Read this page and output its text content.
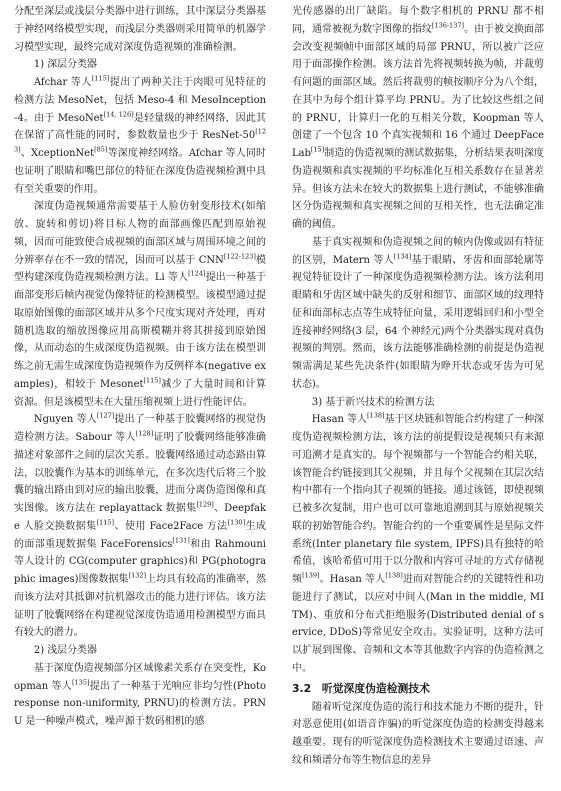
分配至深层或浅层分类器中进行训练，其中深层分类器基于神经网络模型实现，而浅层分类器则采用简单的机器学习模型实现，最终完成对深度伪造视频的准确检测。

1) 深层分类器

Afchar 等人[115]提出了两种关注于肉眼可见特征的检测方法 MesoNet，包括 Meso-4 和 MesoInception-4。由于 MesoNet[14, 126]是轻量级的神经网络，因此其在保留了高性能的同时，参数数量也少于 ResNet-50[123]、XceptionNet[85]等深度神经网络。Afchar 等人同时也证明了眼睛和嘴巴部位的特征在深度伪造视频检测中具有至关重要的作用。

深度伪造视频通常需要基于人脸仿射变形技术(如缩放、旋转和剪切)将目标人物的面部画像匹配到原始视频，因而可能致使合成视频的面部区域与周围环境之间的分辨率存在不一致的情况，因而可以基于 CNN[122-123]模型构建深度伪造视频检测方法。Li 等人[124]提出一种基于面部变形后帧内视觉伪像特征的检测模型。该模型通过提取原始图像的面部区域并从多个尺度实现对齐处理，再对随机选取的缩放图像应用高斯模糊并将其拼接到原始图像，从而动态的生成深度伪造视频。由于该方法在模型训练之前无需生成深度伪造视频作为反例样本(negative examples)，相较于 Mesonet[115]减少了大量时间和计算资源。但是该模型未在大量压缩视频上进行性能评估。

Nguyen 等人[127]提出了一种基于胶囊网络的视觉伪造检测方法。Sabour 等人[128]证明了胶囊网络能够准确描述对象部件之间的层次关系。胶囊网络通过动态路由算法，以胶囊作为基本的训练单元，在多次迭代后将三个胶囊的输出路由到对应的输出胶囊，进而分离伪造图像和真实图像。该方法在 replayattack 数据集[129]、Deepfake 人脸交换数据集[115]、使用 Face2Face 方法[130]生成的面部重现数据集 FaceForensics[131]和由 Rahmouni 等人设计的 CG(computer graphics)和 PG(photographic images)图像数据集[132]上均具有较高的准确率，然而该方法对其抵御对抗机器攻击的能力进行评估。该方法证明了胶囊网络在构建视觉深度伪造通用检测模型方面具有较大的潜力。

2) 浅层分类器

基于深度伪造视频部分区域像素关系存在突变性，Koopman 等人[135]提出了一种基于光响应非均匀性(Photo response non-uniformity, PRNU)的检测方法。PRNU 是一种噪声模式，噪声源于数码相机的感

光传感器的出厂缺陷。每个数字相机的 PRNU 都不相同，通常被视为数字图像的指纹[136-137]。由于被交换面部会改变视频帧中面部区域的局部 PRNU，所以被广泛应用于面部操作检测。该方法首先将视频转换为帧，并裁剪有问题的面部区域。然后将裁剪的帧按顺序分为八个组，在其中为每个组计算平均 PRNU。为了比较这些组之间的 PRNU，计算归一化的互相关分数，Koopman 等人创建了一个包含 10 个真实视频和 16 个通过 DeepFaceLab[15]制造的伪造视频的测试数据集，分析结果表明深度伪造视频和真实视频的平均标准化互相关系数存在显著差异。但该方法未在较大的数据集上进行测试，不能够准确区分伪造视频和真实视频之间的互相关性，也无法确定准确的阈值。

基于真实视频和伪造视频之间的帧内伪像或固有特征的区别，Matern 等人[134]基于眼睛、牙齿和面部轮廓等视觉特征设计了一种深度伪造视频检测方法。该方法利用眼睛和牙齿区域中缺失的反射和细节、面部区域的纹理特征和面部标志点等生成特征向量，采用逻辑回归和小型全连接神经网络(3 层，64 个神经元)两个分类器实现对真伪视频的判别。然而，该方法能够准确检测的前提是伪造视频需满足某些先决条件(如眼睛为睁开状态或牙齿为可见状态)。

3) 基于新兴技术的检测方法

Hasan 等人[138]基于区块链和智能合约构建了一种深度伪造视频检测方法，该方法的前提假设是视频只有来源可追溯才是真实的。每个视频都与一个智能合约相关联，该智能合约链接到其父视频，并且每个父视频在其层次结构中都有一个指向其子视频的链接。通过该链，即使视频已被多次复制，用户也可以可靠地追溯到其与原始视频关联的初始智能合约。智能合约的一个重要属性是星际文件系统(Inter planetary file system, IPFS)具有独特的哈希值，该哈希值可用于以分散和内容可寻址的方式存储视频[139]。Hasan 等人[138]进而对智能合约的关键特性和功能进行了测试，以应对中间人(Man in the middle, MITM)、重放和分布式拒绝服务(Distributed denial of service, DDoS)等常见安全攻击。实验证明，这种方法可以扩展到图像、音频和文本等其他数字内容的伪造检测之中。

3.2　听觉深度伪造检测技术

随着听觉深度伪造的流行和技术能力不断的提升，针对恶意使用(如语音诈骗)的听觉深度伪造的检测变得越来越重要。现有的听觉深度伪造检测技术主要通过语速、声纹和频谱分布等生物信息的差异
